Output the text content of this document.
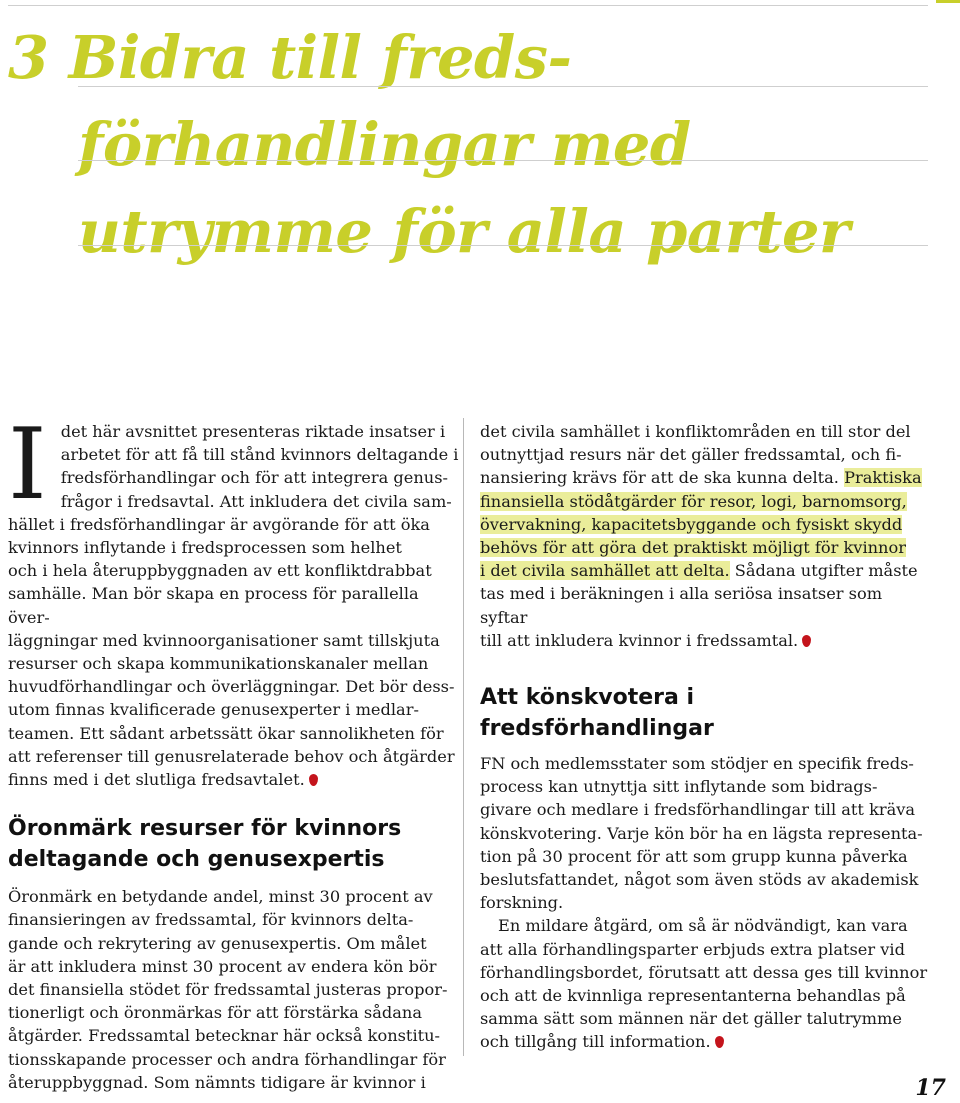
3 Bidra till freds-
förhandlingar med
utrymme för alla parter

Idet här avsnittet presenteras riktade insatser i
arbetet för att få till stånd kvinnors deltagande i
fredsförhandlingar och för att integrera genus-
frågor i fredsavtal. Att inkludera det civila sam-
hället i fredsförhandlingar är avgörande för att öka
kvinnors inflytande i fredsprocessen som helhet
och i hela återuppbyggnaden av ett konfliktdrabbat
samhälle. Man bör skapa en process för parallella över-
läggningar med kvinnoorganisationer samt tillskjuta
resurser och skapa kommunikationskanaler mellan
huvudförhandlingar och överläggningar. Det bör dess-
utom finnas kvalificerade genusexperter i medlar-
teamen. Ett sådant arbetssätt ökar sannolikheten för
att referenser till genusrelaterade behov och åtgärder
finns med i det slutliga fredsavtalet.

Öronmärk resurser för kvinnors
deltagande och genusexpertis

Öronmärk en betydande andel, minst 30 procent av
finansieringen av fredssamtal, för kvinnors delta-
gande och rekrytering av genusexpertis. Om målet
är att inkludera minst 30 procent av endera kön bör
det finansiella stödet för fredssamtal justeras propor-
tionerligt och öronmärkas för att förstärka sådana
åtgärder. Fredssamtal betecknar här också konstitu-
tionsskapande processer och andra förhandlingar för
återuppbyggnad. Som nämnts tidigare är kvinnor i

det civila samhället i konfliktområden en till stor del
outnyttjad resurs när det gäller fredssamtal, och fi-
nansiering krävs för att de ska kunna delta. Praktiska
finansiella stödåtgärder för resor, logi, barnomsorg,
övervakning, kapacitetsbyggande och fysiskt skydd
behövs för att göra det praktiskt möjligt för kvinnor
i det civila samhället att delta. Sådana utgifter måste
tas med i beräkningen i alla seriösa insatser som syftar
till att inkludera kvinnor i fredssamtal.

Att könskvotera i fredsförhandlingar

FN och medlemsstater som stödjer en specifik freds-
process kan utnyttja sitt inflytande som bidrags-
givare och medlare i fredsförhandlingar till att kräva
könskvotering. Varje kön bör ha en lägsta representa-
tion på 30 procent för att som grupp kunna påverka
beslutsfattandet, något som även stöds av akademisk
forskning.

En mildare åtgärd, om så är nödvändigt, kan vara
att alla förhandlingsparter erbjuds extra platser vid
förhandlingsbordet, förutsatt att dessa ges till kvinnor
och att de kvinnliga representanterna behandlas på
samma sätt som männen när det gäller talutrymme
och tillgång till information.

17
